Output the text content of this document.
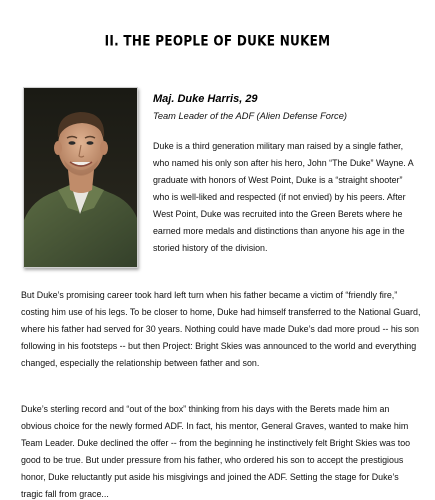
II. THE PEOPLE OF DUKE NUKEM
Maj. Duke Harris, 29
Team Leader of the ADF (Alien Defense Force)

Duke is a third generation military man raised by a single father, who named his only son after his hero, John “The Duke” Wayne. A graduate with honors of West Point, Duke is a “straight shooter” who is well-liked and respected (if not envied) by his peers. After West Point, Duke was recruited into the Green Berets where he earned more medals and distinctions than anyone his age in the storied history of the division.

But Duke’s promising career took hard left turn when his father became a victim of “friendly fire,” costing him use of his legs. To be closer to home, Duke had himself transferred to the National Guard, where his father had served for 30 years. Nothing could have made Duke’s dad more proud -- his son following in his footsteps -- but then Project: Bright Skies was announced to the world and everything changed, especially the relationship between father and son.

Duke’s sterling record and “out of the box” thinking from his days with the Berets made him an obvious choice for the newly formed ADF. In fact, his mentor, General Graves, wanted to make him Team Leader. Duke declined the offer -- from the beginning he instinctively felt Bright Skies was too good to be true. But under pressure from his father, who ordered his son to accept the prestigious honor, Duke reluctantly put aside his misgivings and joined the ADF. Setting the stage for Duke’s tragic fall from grace...
